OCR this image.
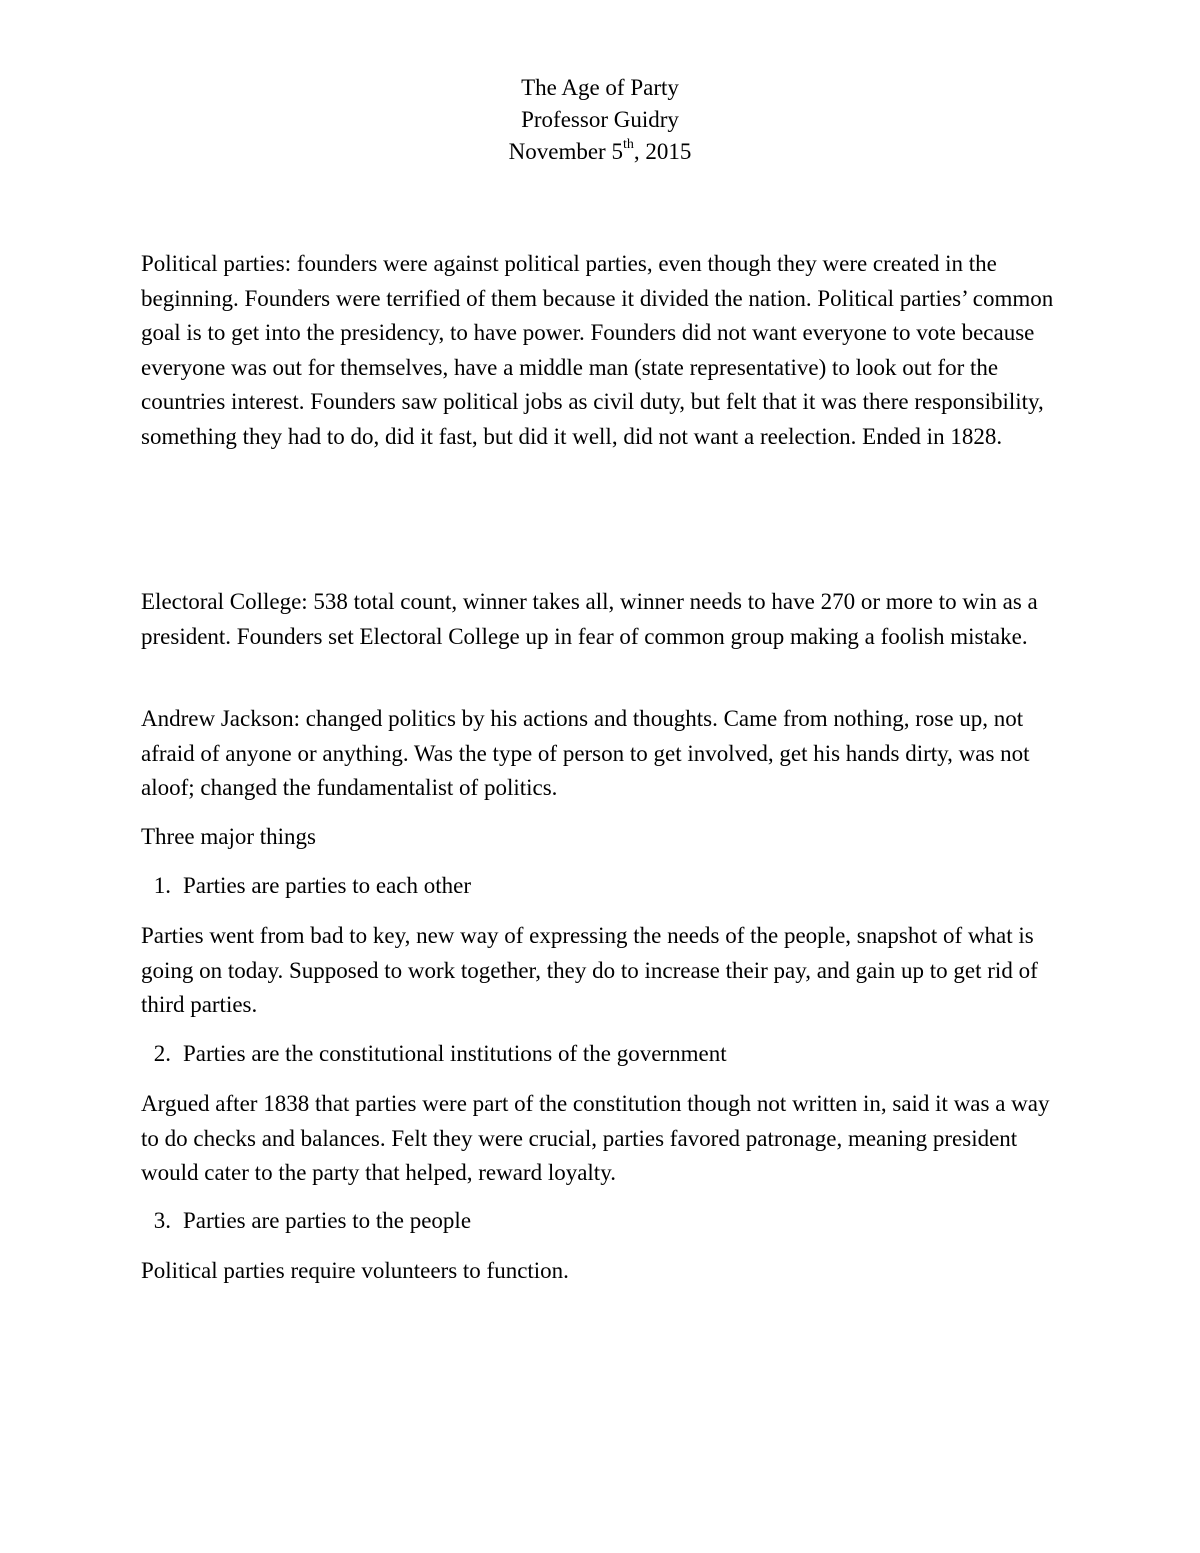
The Age of Party
Professor Guidry
November 5th, 2015

Political parties: founders were against political parties, even though they were created in the beginning. Founders were terrified of them because it divided the nation. Political parties’ common goal is to get into the presidency, to have power. Founders did not want everyone to vote because everyone was out for themselves, have a middle man (state representative) to look out for the countries interest. Founders saw political jobs as civil duty, but felt that it was there responsibility, something they had to do, did it fast, but did it well, did not want a reelection. Ended in 1828.

Electoral College: 538 total count, winner takes all, winner needs to have 270 or more to win as a president. Founders set Electoral College up in fear of common group making a foolish mistake.

Andrew Jackson: changed politics by his actions and thoughts. Came from nothing, rose up, not afraid of anyone or anything. Was the type of person to get involved, get his hands dirty, was not aloof; changed the fundamentalist of politics.

Three major things

1. Parties are parties to each other

Parties went from bad to key, new way of expressing the needs of the people, snapshot of what is going on today. Supposed to work together, they do to increase their pay, and gain up to get rid of third parties.

2. Parties are the constitutional institutions of the government

Argued after 1838 that parties were part of the constitution though not written in, said it was a way to do checks and balances. Felt they were crucial, parties favored patronage, meaning president would cater to the party that helped, reward loyalty.

3. Parties are parties to the people

Political parties require volunteers to function.
